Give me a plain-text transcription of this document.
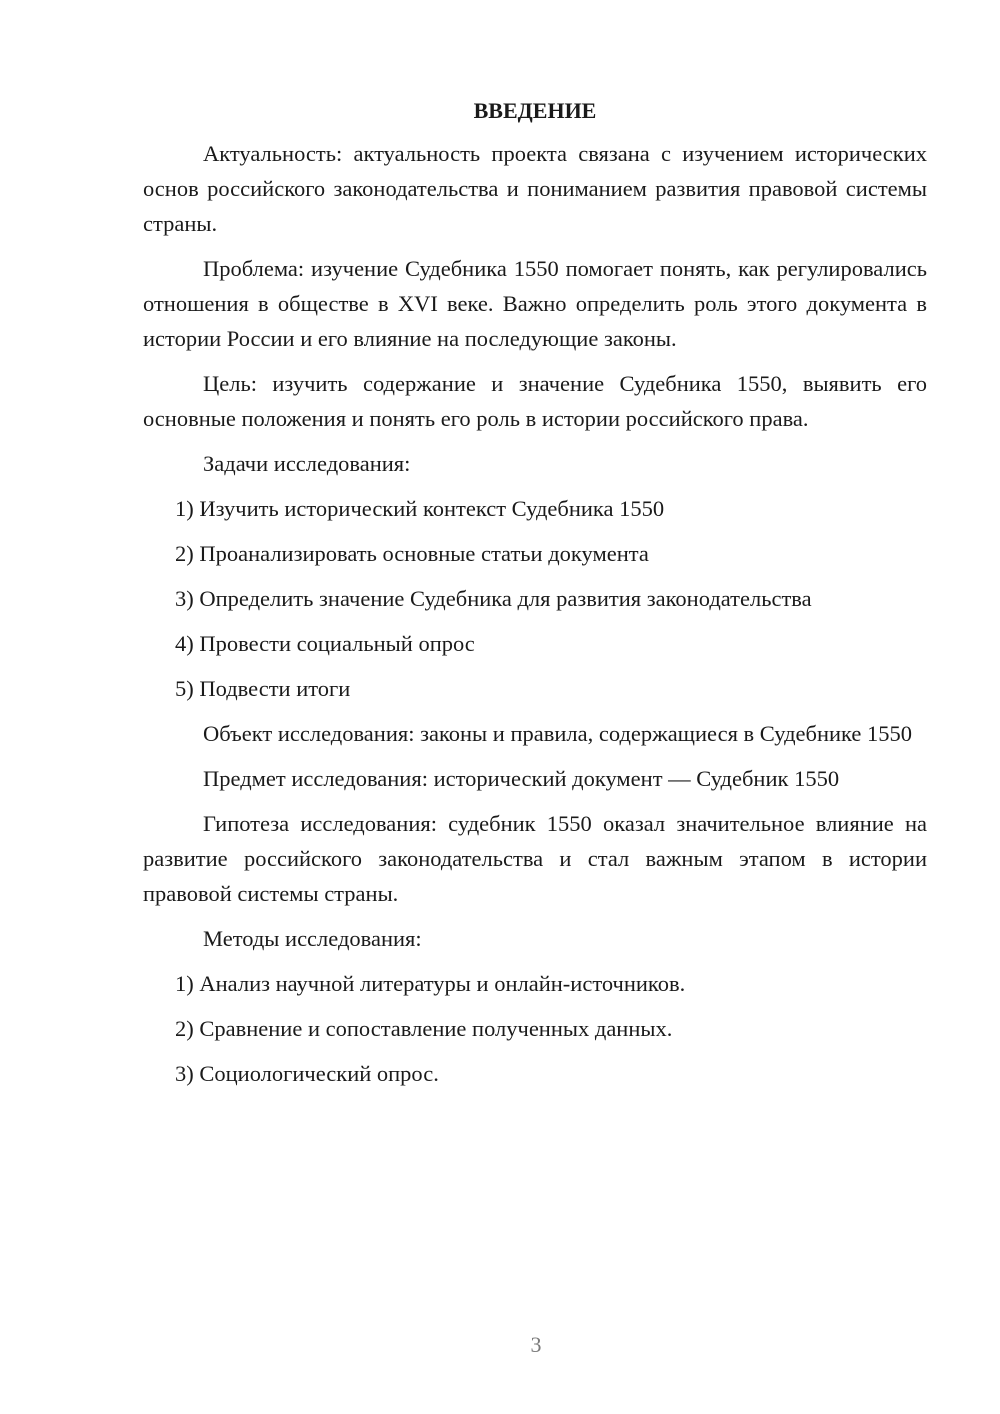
ВВЕДЕНИЕ

Актуальность: актуальность проекта связана с изучением исторических основ российского законодательства и пониманием развития правовой системы страны.

Проблема: изучение Судебника 1550 помогает понять, как регулировались отношения в обществе в XVI веке. Важно определить роль этого документа в истории России и его влияние на последующие законы.

Цель: изучить содержание и значение Судебника 1550, выявить его основные положения и понять его роль в истории российского права.

Задачи исследования:

1) Изучить исторический контекст Судебника 1550
2) Проанализировать основные статьи документа
3) Определить значение Судебника для развития законодательства
4) Провести социальный опрос
5) Подвести итоги

Объект исследования: законы и правила, содержащиеся в Судебнике 1550

Предмет исследования: исторический документ — Судебник 1550

Гипотеза исследования: судебник 1550 оказал значительное влияние на развитие российского законодательства и стал важным этапом в истории правовой системы страны.

Методы исследования:

1) Анализ научной литературы и онлайн-источников.
2) Сравнение и сопоставление полученных данных.
3) Социологический опрос.
3
